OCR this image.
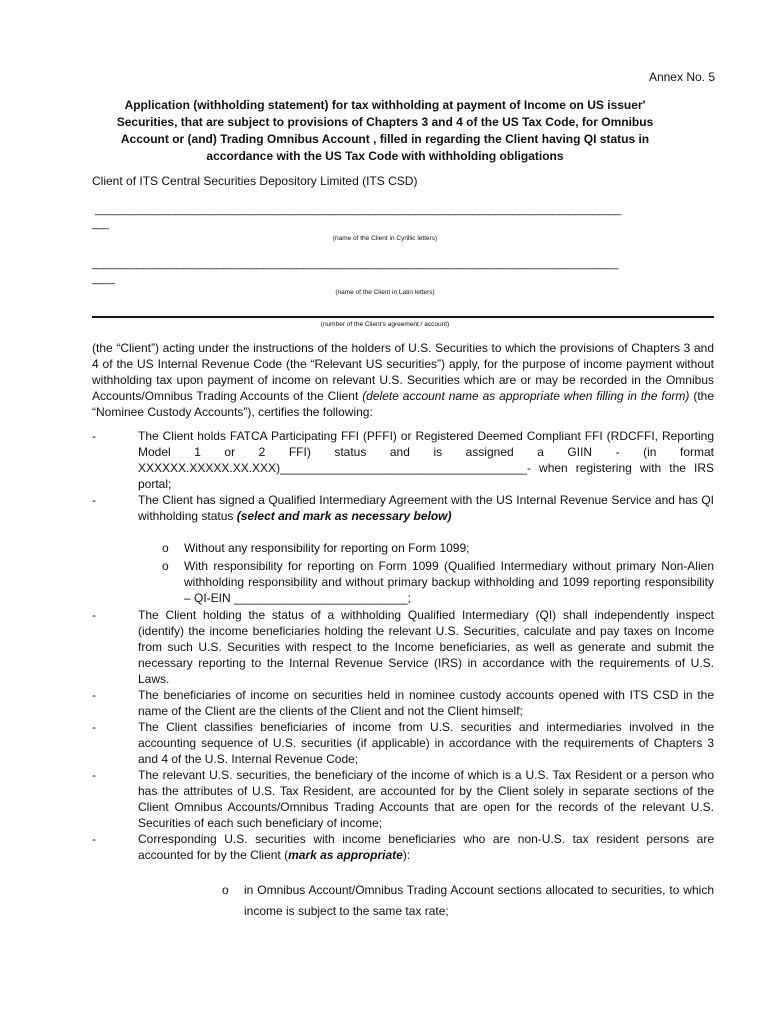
Annex No. 5
Application (withholding statement) for tax withholding at payment of Income on US issuer' Securities, that are subject to provisions of Chapters 3 and 4 of the US Tax Code, for Omnibus Account or (and) Trading Omnibus Account , filled in regarding the Client having QI status in accordance with the US Tax Code with withholding obligations
Client of ITS Central Securities Depository Limited (ITS CSD)
____________________________________________________________________________________________
___
(name of the Client in Cyrillic letters)
____________________________________________________________________________________________
____
(name of the Client in Latin letters)
(number of the Client's agreement / account)
(the “Client”) acting under the instructions of the holders of U.S. Securities to which the provisions of Chapters 3 and 4 of the US Internal Revenue Code (the “Relevant US securities”) apply, for the purpose of income payment without withholding tax upon payment of income on relevant U.S. Securities which are or may be recorded in the Omnibus Accounts/Omnibus Trading Accounts of the Client (delete account name as appropriate when filling in the form) (the “Nominee Custody Accounts”), certifies the following:
-	The Client holds FATCA Participating FFI (PFFI) or Registered Deemed Compliant FFI (RDCFFI, Reporting Model 1 or 2 FFI) status and is assigned a GIIN - (in format XXXXXX.XXXXX.XX.XXX)_____________________________________- when registering with the IRS portal;
-	The Client has signed a Qualified Intermediary Agreement with the US Internal Revenue Service and has QI withholding status (select and mark as necessary below)
o Without any responsibility for reporting on Form 1099;
o With responsibility for reporting on Form 1099 (Qualified Intermediary without primary Non-Alien withholding responsibility and without primary backup withholding and 1099 reporting responsibility – QI-EIN __________________________;
-	The Client holding the status of a withholding Qualified Intermediary (QI) shall independently inspect (identify) the income beneficiaries holding the relevant U.S. Securities, calculate and pay taxes on Income from such U.S. Securities with respect to the Income beneficiaries, as well as generate and submit the necessary reporting to the Internal Revenue Service (IRS) in accordance with the requirements of U.S. Laws.
-	The beneficiaries of income on securities held in nominee custody accounts opened with ITS CSD in the name of the Client are the clients of the Client and not the Client himself;
-	The Client classifies beneficiaries of income from U.S. securities and intermediaries involved in the accounting sequence of U.S. securities (if applicable) in accordance with the requirements of Chapters 3 and 4 of the U.S. Internal Revenue Code;
-	The relevant U.S. securities, the beneficiary of the income of which is a U.S. Tax Resident or a person who has the attributes of U.S. Tax Resident, are accounted for by the Client solely in separate sections of the Client Omnibus Accounts/Omnibus Trading Accounts that are open for the records of the relevant U.S. Securities of each such beneficiary of income;
-	Corresponding U.S. securities with income beneficiaries who are non-U.S. tax resident persons are accounted for by the Client (mark as appropriate):
o in Omnibus Account/Omnibus Trading Account sections allocated to securities, to which income is subject to the same tax rate;
